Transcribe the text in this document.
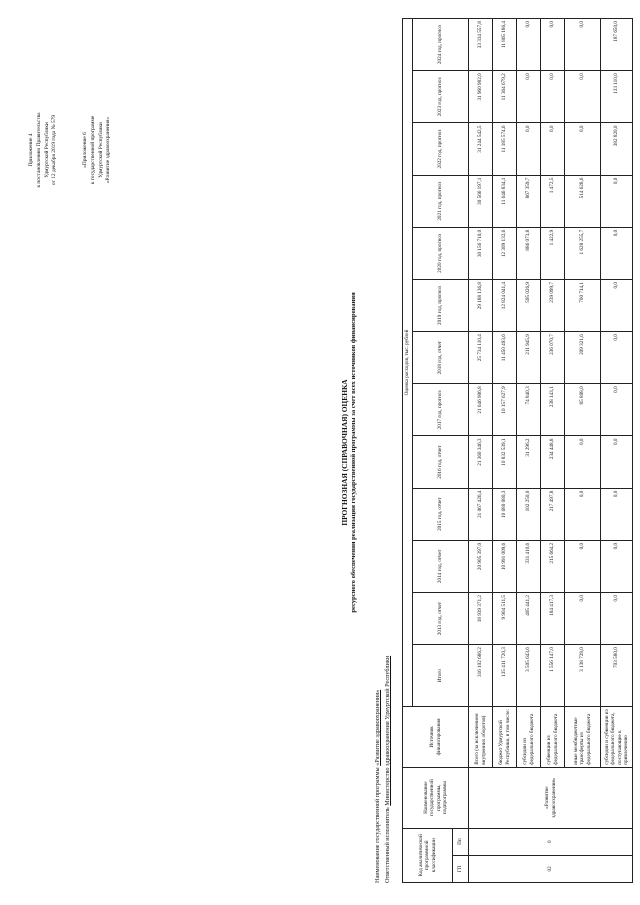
Приложение 4 к постановлению Правительства Удмуртской Республики от 12 декабря 2019 года № 579	«Приложение 6 к государственной программе Удмуртской Республики «Развитие здравоохранения»
ПРОГНОЗНАЯ (СПРАВОЧНАЯ) ОЦЕНКА ресурсного обеспечения реализации государственной программы за счет всех источников финансирования
Наименование государственной программы «Развитие здравоохранения»
Ответственный исполнитель Министерство здравоохранения Удмуртской Республики
Код аналитической программной классификации		Наименование государственной программы, подпрограммы	Источник финансирования	Оценка расходов, тыс. рублей												
				Итого	2013 год, отчет	2014 год, отчет	2015 год, отчет	2016 год, отчет	2017 год, прогноз	2018 год, отчет	2019 год, прогноз	2020 год, прогноз	2021 год, прогноз	2022 год, прогноз	2023 год, прогноз	2024 год, прогноз
ГП	Пп															
02	0	«Развитие здравоохранения»	Всего (за исключением внутренних оборотов)	316 102 686,2	18 939 371,2	20 905 397,0	21 067 426,4	21 360 346,3	21 646 906,8	25 734 110,4	29 188 136,8	30 156 710,0	30 566 197,1	31 244 542,5	31 960 982,0	33 334 557,8
			бюджет Удмуртской Республики, в том числе:	135 411 720,3	9 904 511,5	10 991 009,6	10 680 080,3	10 832 539,1	10 157 627,9	11 450 493,6	12 824 041,4	12 309 132,6	11 646 834,1	11 185 574,6	11 364 679,2	11 865 186,4
			субсидии из федерального бюджета	3 505 643,6	405 441,2	331 410,6	102 250,0	31 296,2	74 840,3	211 945,9	595 026,9	886 073,8	867 359,7	0,0	0,0	0,0
			субвенции из федерального бюджета	1 556 147,0	184 417,3	215 664,2	217 497,8	234 448,8	238 143,1	236 070,7	239 099,7	1 422,9	1 472,5	0,0	0,0	0,0
			иные межбюджетные трансферты из федерального бюджета	3 138 728,0	0,0	0,0	0,0	0,0	85 808,0	209 321,6	700 714,1	1 628 255,7	514 628,6	0,0	0,0	0,0
			субсидии и субвенции из федерального бюджета, поступающие к привлечению	703 580,0	0,0	0,0	0,0	0,0	0,0	0,0	0,0	0,0	0,0	382 820,0	133 110,0	187 650,0
